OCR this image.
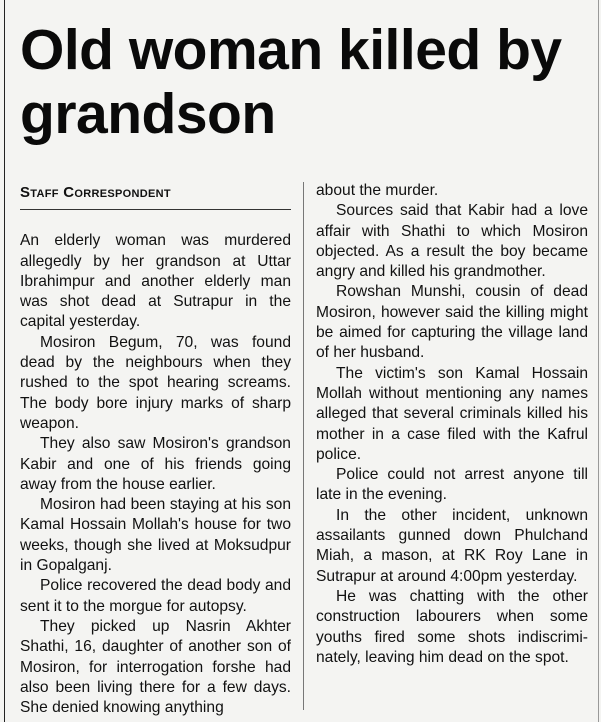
Old woman killed by grandson
Staff Correspondent

An elderly woman was murdered allegedly by her grandson at Uttar Ibrahimpur and another elderly man was shot dead at Sutrapur in the capital yesterday.

Mosiron Begum, 70, was found dead by the neighbours when they rushed to the spot hearing screams. The body bore injury marks of sharp weapon.

They also saw Mosiron's grandson Kabir and one of his friends going away from the house earlier.

Mosiron had been staying at his son Kamal Hossain Mollah's house for two weeks, though she lived at Moksudpur in Gopalganj.

Police recovered the dead body and sent it to the morgue for autopsy.

They picked up Nasrin Akhter Shathi, 16, daughter of another son of Mosiron, for interrogation forshe had also been living there for a few days. She denied knowing anything

about the murder.

Sources said that Kabir had a love affair with Shathi to which Mosiron objected. As a result the boy became angry and killed his grandmother.

Rowshan Munshi, cousin of dead Mosiron, however said the killing might be aimed for capturing the village land of her husband.

The victim's son Kamal Hossain Mollah without mentioning any names alleged that several criminals killed his mother in a case filed with the Kafrul police.

Police could not arrest anyone till late in the evening.

In the other incident, unknown assailants gunned down Phulchand Miah, a mason, at RK Roy Lane in Sutrapur at around 4:00pm yesterday.

He was chatting with the other construction labourers when some youths fired some shots indiscriminately, leaving him dead on the spot.
